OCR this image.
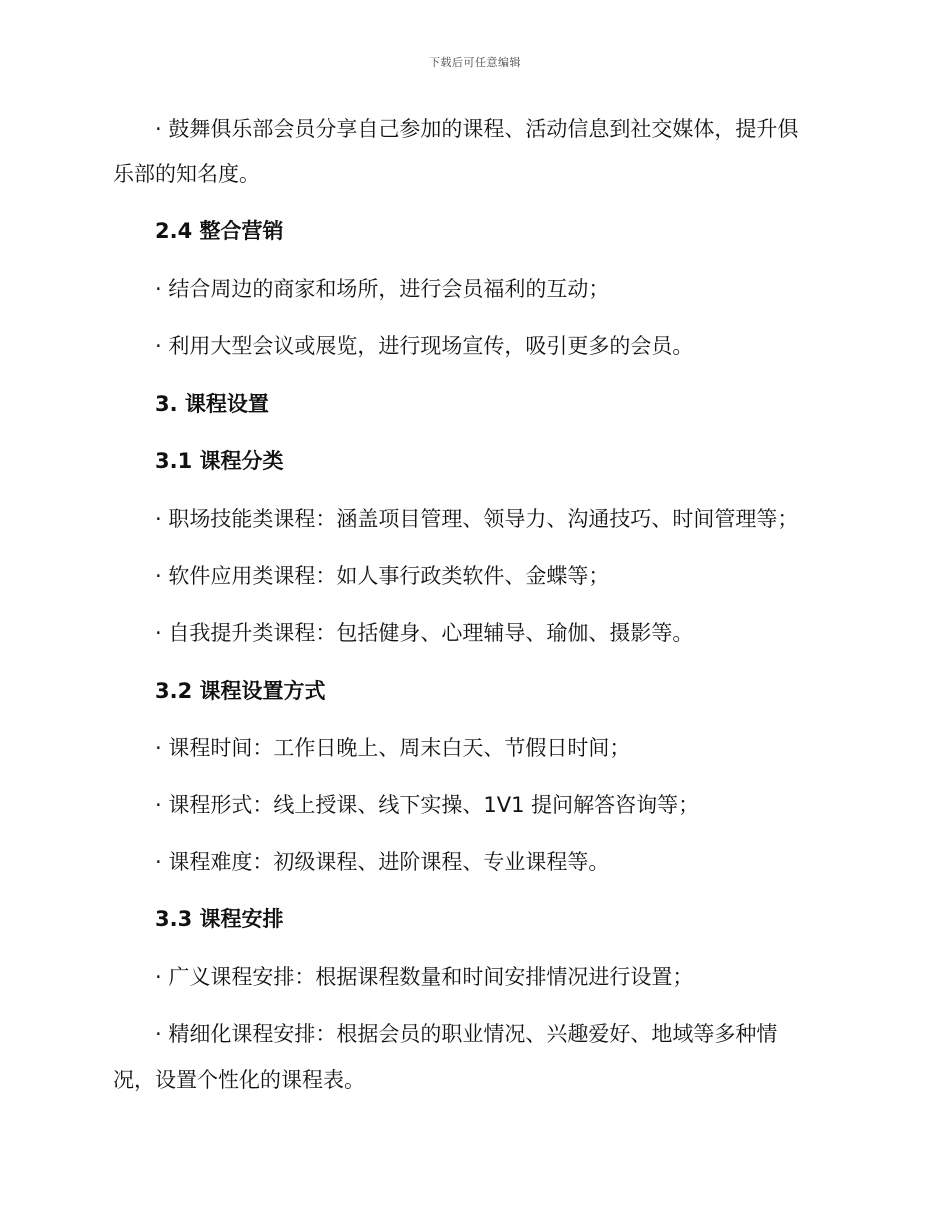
下载后可任意编辑
· 鼓舞俱乐部会员分享自己参加的课程、活动信息到社交媒体，提升俱
乐部的知名度。
2.4 整合营销
· 结合周边的商家和场所，进行会员福利的互动；
· 利用大型会议或展览，进行现场宣传，吸引更多的会员。
3. 课程设置
3.1 课程分类
· 职场技能类课程：涵盖项目管理、领导力、沟通技巧、时间管理等；
· 软件应用类课程：如人事行政类软件、金蝶等；
· 自我提升类课程：包括健身、心理辅导、瑜伽、摄影等。
3.2 课程设置方式
· 课程时间：工作日晚上、周末白天、节假日时间；
· 课程形式：线上授课、线下实操、1V1 提问解答咨询等；
· 课程难度：初级课程、进阶课程、专业课程等。
3.3 课程安排
· 广义课程安排：根据课程数量和时间安排情况进行设置；
· 精细化课程安排：根据会员的职业情况、兴趣爱好、地域等多种情
况，设置个性化的课程表。
